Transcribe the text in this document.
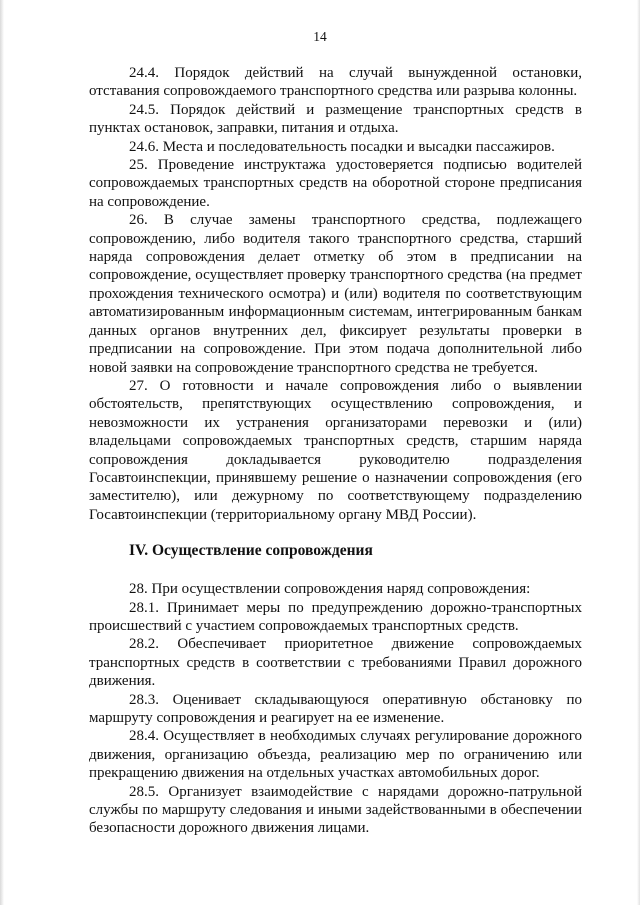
14

24.4. Порядок действий на случай вынужденной остановки, отставания сопровождаемого транспортного средства или разрыва колонны.

24.5. Порядок действий и размещение транспортных средств в пунктах остановок, заправки, питания и отдыха.

24.6. Места и последовательность посадки и высадки пассажиров.

25. Проведение инструктажа удостоверяется подписью водителей сопровождаемых транспортных средств на оборотной стороне предписания на сопровождение.

26. В случае замены транспортного средства, подлежащего сопровождению, либо водителя такого транспортного средства, старший наряда сопровождения делает отметку об этом в предписании на сопровождение, осуществляет проверку транспортного средства (на предмет прохождения технического осмотра) и (или) водителя по соответствующим автоматизированным информационным системам, интегрированным банкам данных органов внутренних дел, фиксирует результаты проверки в предписании на сопровождение. При этом подача дополнительной либо новой заявки на сопровождение транспортного средства не требуется.

27. О готовности и начале сопровождения либо о выявлении обстоятельств, препятствующих осуществлению сопровождения, и невозможности их устранения организаторами перевозки и (или) владельцами сопровождаемых транспортных средств, старшим наряда сопровождения докладывается руководителю подразделения Госавтоинспекции, принявшему решение о назначении сопровождения (его заместителю), или дежурному по соответствующему подразделению Госавтоинспекции (территориальному органу МВД России).

IV. Осуществление сопровождения

28. При осуществлении сопровождения наряд сопровождения:

28.1. Принимает меры по предупреждению дорожно-транспортных происшествий с участием сопровождаемых транспортных средств.

28.2. Обеспечивает приоритетное движение сопровождаемых транспортных средств в соответствии с требованиями Правил дорожного движения.

28.3. Оценивает складывающуюся оперативную обстановку по маршруту сопровождения и реагирует на ее изменение.

28.4. Осуществляет в необходимых случаях регулирование дорожного движения, организацию объезда, реализацию мер по ограничению или прекращению движения на отдельных участках автомобильных дорог.

28.5. Организует взаимодействие с нарядами дорожно-патрульной службы по маршруту следования и иными задействованными в обеспечении безопасности дорожного движения лицами.
